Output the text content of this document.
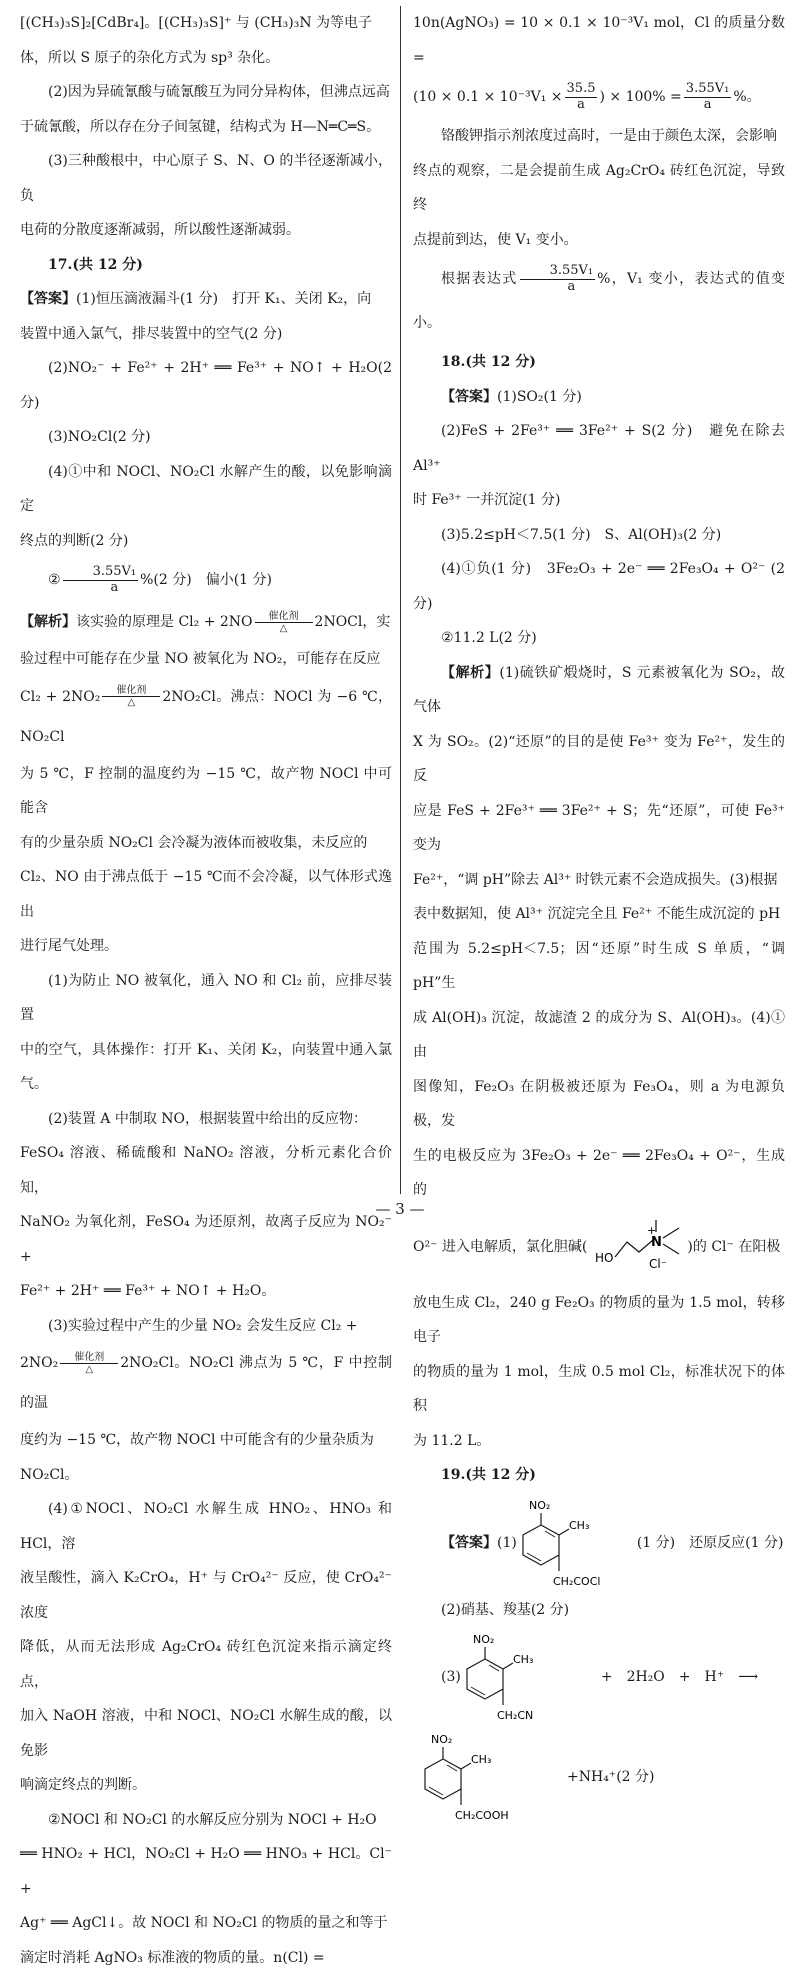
[(CH₃)₃S]₂[CdBr₄]。[(CH₃)₃S]⁺ 与 (CH₃)₃N 为等电子

体，所以 S 原子的杂化方式为 sp³ 杂化。

(2)因为异硫氰酸与硫氰酸互为同分异构体，但沸点远高

于硫氰酸，所以存在分子间氢键，结构式为 H—N═C═S。

(3)三种酸根中，中心原子 S、N、O 的半径逐渐减小，负

电荷的分散度逐渐减弱，所以酸性逐渐减弱。

17.(共 12 分)

【答案】(1)恒压滴液漏斗(1 分)　打开 K₁、关闭 K₂，向

装置中通入氯气，排尽装置中的空气(2 分)

(2)NO₂⁻ + Fe²⁺ + 2H⁺ ══ Fe³⁺ + NO↑ + H₂O(2 分)

(3)NO₂Cl(2 分)

(4)①中和 NOCl、NO₂Cl 水解产生的酸，以免影响滴定

终点的判断(2 分)

② $\frac{\text{3.55V₁}}{a} \%(2$ 分)　偏小(1 分)

【解析】该实验的原理是 Cl₂ + 2NO 催化剂
△ 2NOCl，实

验过程中可能存在少量 NO 被氧化为 NO₂，可能存在反应

Cl₂ + 2NO₂ 催化剂
△ 2NO₂Cl。沸点：NOCl 为 −6 ℃，NO₂Cl

为 5 ℃，F 控制的温度约为 −15 ℃，故产物 NOCl 中可能含

有的少量杂质 NO₂Cl 会冷凝为液体而被收集，未反应的

Cl₂、NO 由于沸点低于 −15 ℃而不会冷凝，以气体形式逸出

进行尾气处理。

(1)为防止 NO 被氧化，通入 NO 和 Cl₂ 前，应排尽装置

中的空气，具体操作：打开 K₁、关闭 K₂，向装置中通入氯气。

(2)装置 A 中制取 NO，根据装置中给出的反应物：

FeSO₄ 溶液、稀硫酸和 NaNO₂ 溶液，分析元素化合价知，

NaNO₂ 为氧化剂，FeSO₄ 为还原剂，故离子反应为 NO₂⁻ +

Fe²⁺ + 2H⁺ ══ Fe³⁺ + NO↑ + H₂O。

(3)实验过程中产生的少量 NO₂ 会发生反应 Cl₂ +

2NO₂ 催化剂
△ 2NO₂Cl。NO₂Cl 沸点为 5 ℃，F 中控制的温

度约为 −15 ℃，故产物 NOCl 中可能含有的少量杂质为

NO₂Cl。

(4)①NOCl、NO₂Cl 水解生成 HNO₂、HNO₃ 和 HCl，溶

液呈酸性，滴入 K₂CrO₄，H⁺ 与 CrO₄²⁻ 反应，使 CrO₄²⁻ 浓度

降低，从而无法形成 Ag₂CrO₄ 砖红色沉淀来指示滴定终点，

加入 NaOH 溶液，中和 NOCl、NO₂Cl 水解生成的酸，以免影

响滴定终点的判断。

②NOCl 和 NO₂Cl 的水解反应分别为 NOCl + H₂O

══ HNO₂ + HCl，NO₂Cl + H₂O ══ HNO₃ + HCl。Cl⁻ +

Ag⁺ ══ AgCl↓。故 NOCl 和 NO₂Cl 的物质的量之和等于

滴定时消耗 AgNO₃ 标准液的物质的量。n(Cl) =

10n(AgNO₃) = 10 × 0.1 × 10⁻³V₁ mol，Cl 的质量分数 =

($10 \times 0.1 \times 10^{-3}V_1 \times \frac{35.5}{a}$ ) × $100\% = \frac{\text{3.55V₁}}{a}$ %。

铬酸钾指示剂浓度过高时，一是由于颜色太深，会影响

终点的观察，二是会提前生成 Ag₂CrO₄ 砖红色沉淀，导致终

点提前到达，使 V₁ 变小。

根据表达式 $\frac{\text{3.55V₁}}{a}$ %，V₁ 变小，表达式的值变小。

18.(共 12 分)

【答案】(1)SO₂(1 分)

(2)FeS + 2Fe³⁺ ══ 3Fe²⁺ + S(2 分)　避免在除去 Al³⁺

时 Fe³⁺ 一并沉淀(1 分)

(3)5.2≤pH＜7.5(1 分)　S、Al(OH)₃(2 分)

(4)①负(1 分)　3Fe₂O₃ + 2e⁻ ══ 2Fe₃O₄ + O²⁻ (2 分)

②11.2 L(2 分)

【解析】(1)硫铁矿煅烧时，S 元素被氧化为 SO₂，故气体

X 为 SO₂。(2)“还原”的目的是使 Fe³⁺ 变为 Fe²⁺，发生的反

应是 FeS + 2Fe³⁺ ══ 3Fe²⁺ + S；先“还原”，可使 Fe³⁺ 变为

Fe²⁺，“调 pH”除去 Al³⁺ 时铁元素不会造成损失。(3)根据

表中数据知，使 Al³⁺ 沉淀完全且 Fe²⁺ 不能生成沉淀的 pH

范围为 5.2≤pH＜7.5；因“还原”时生成 S 单质，“调 pH”生

成 Al(OH)₃ 沉淀，故滤渣 2 的成分为 S、Al(OH)₃。(4)①由

图像知，Fe₂O₃ 在阴极被还原为 Fe₃O₄，则 a 为电源负极，发

生的电极反应为 3Fe₂O₃ + 2e⁻ ══ 2Fe₃O₄ + O²⁻，生成的

O²⁻ 进入电解质，氯化胆碱(
HO
N
+
Cl⁻
)的 Cl⁻ 在阳极

放电生成 Cl₂，240 g Fe₂O₃ 的物质的量为 1.5 mol，转移电子

的物质的量为 1 mol，生成 0.5 mol Cl₂，标准状况下的体积

为 11.2 L。

19.(共 12 分)

【答案】 (1)
NO₂
CH₃
CH₂COCl
(1 分)　还原反应(1 分)

(2)硝基、羧基(2 分)

(3)
NO₂
CH₃
CH₂CN
+　2H₂O　+　H⁺　⟶
NO₂
CH₃
CH₂COOH
+NH₄⁺(2 分)
— 3 —
